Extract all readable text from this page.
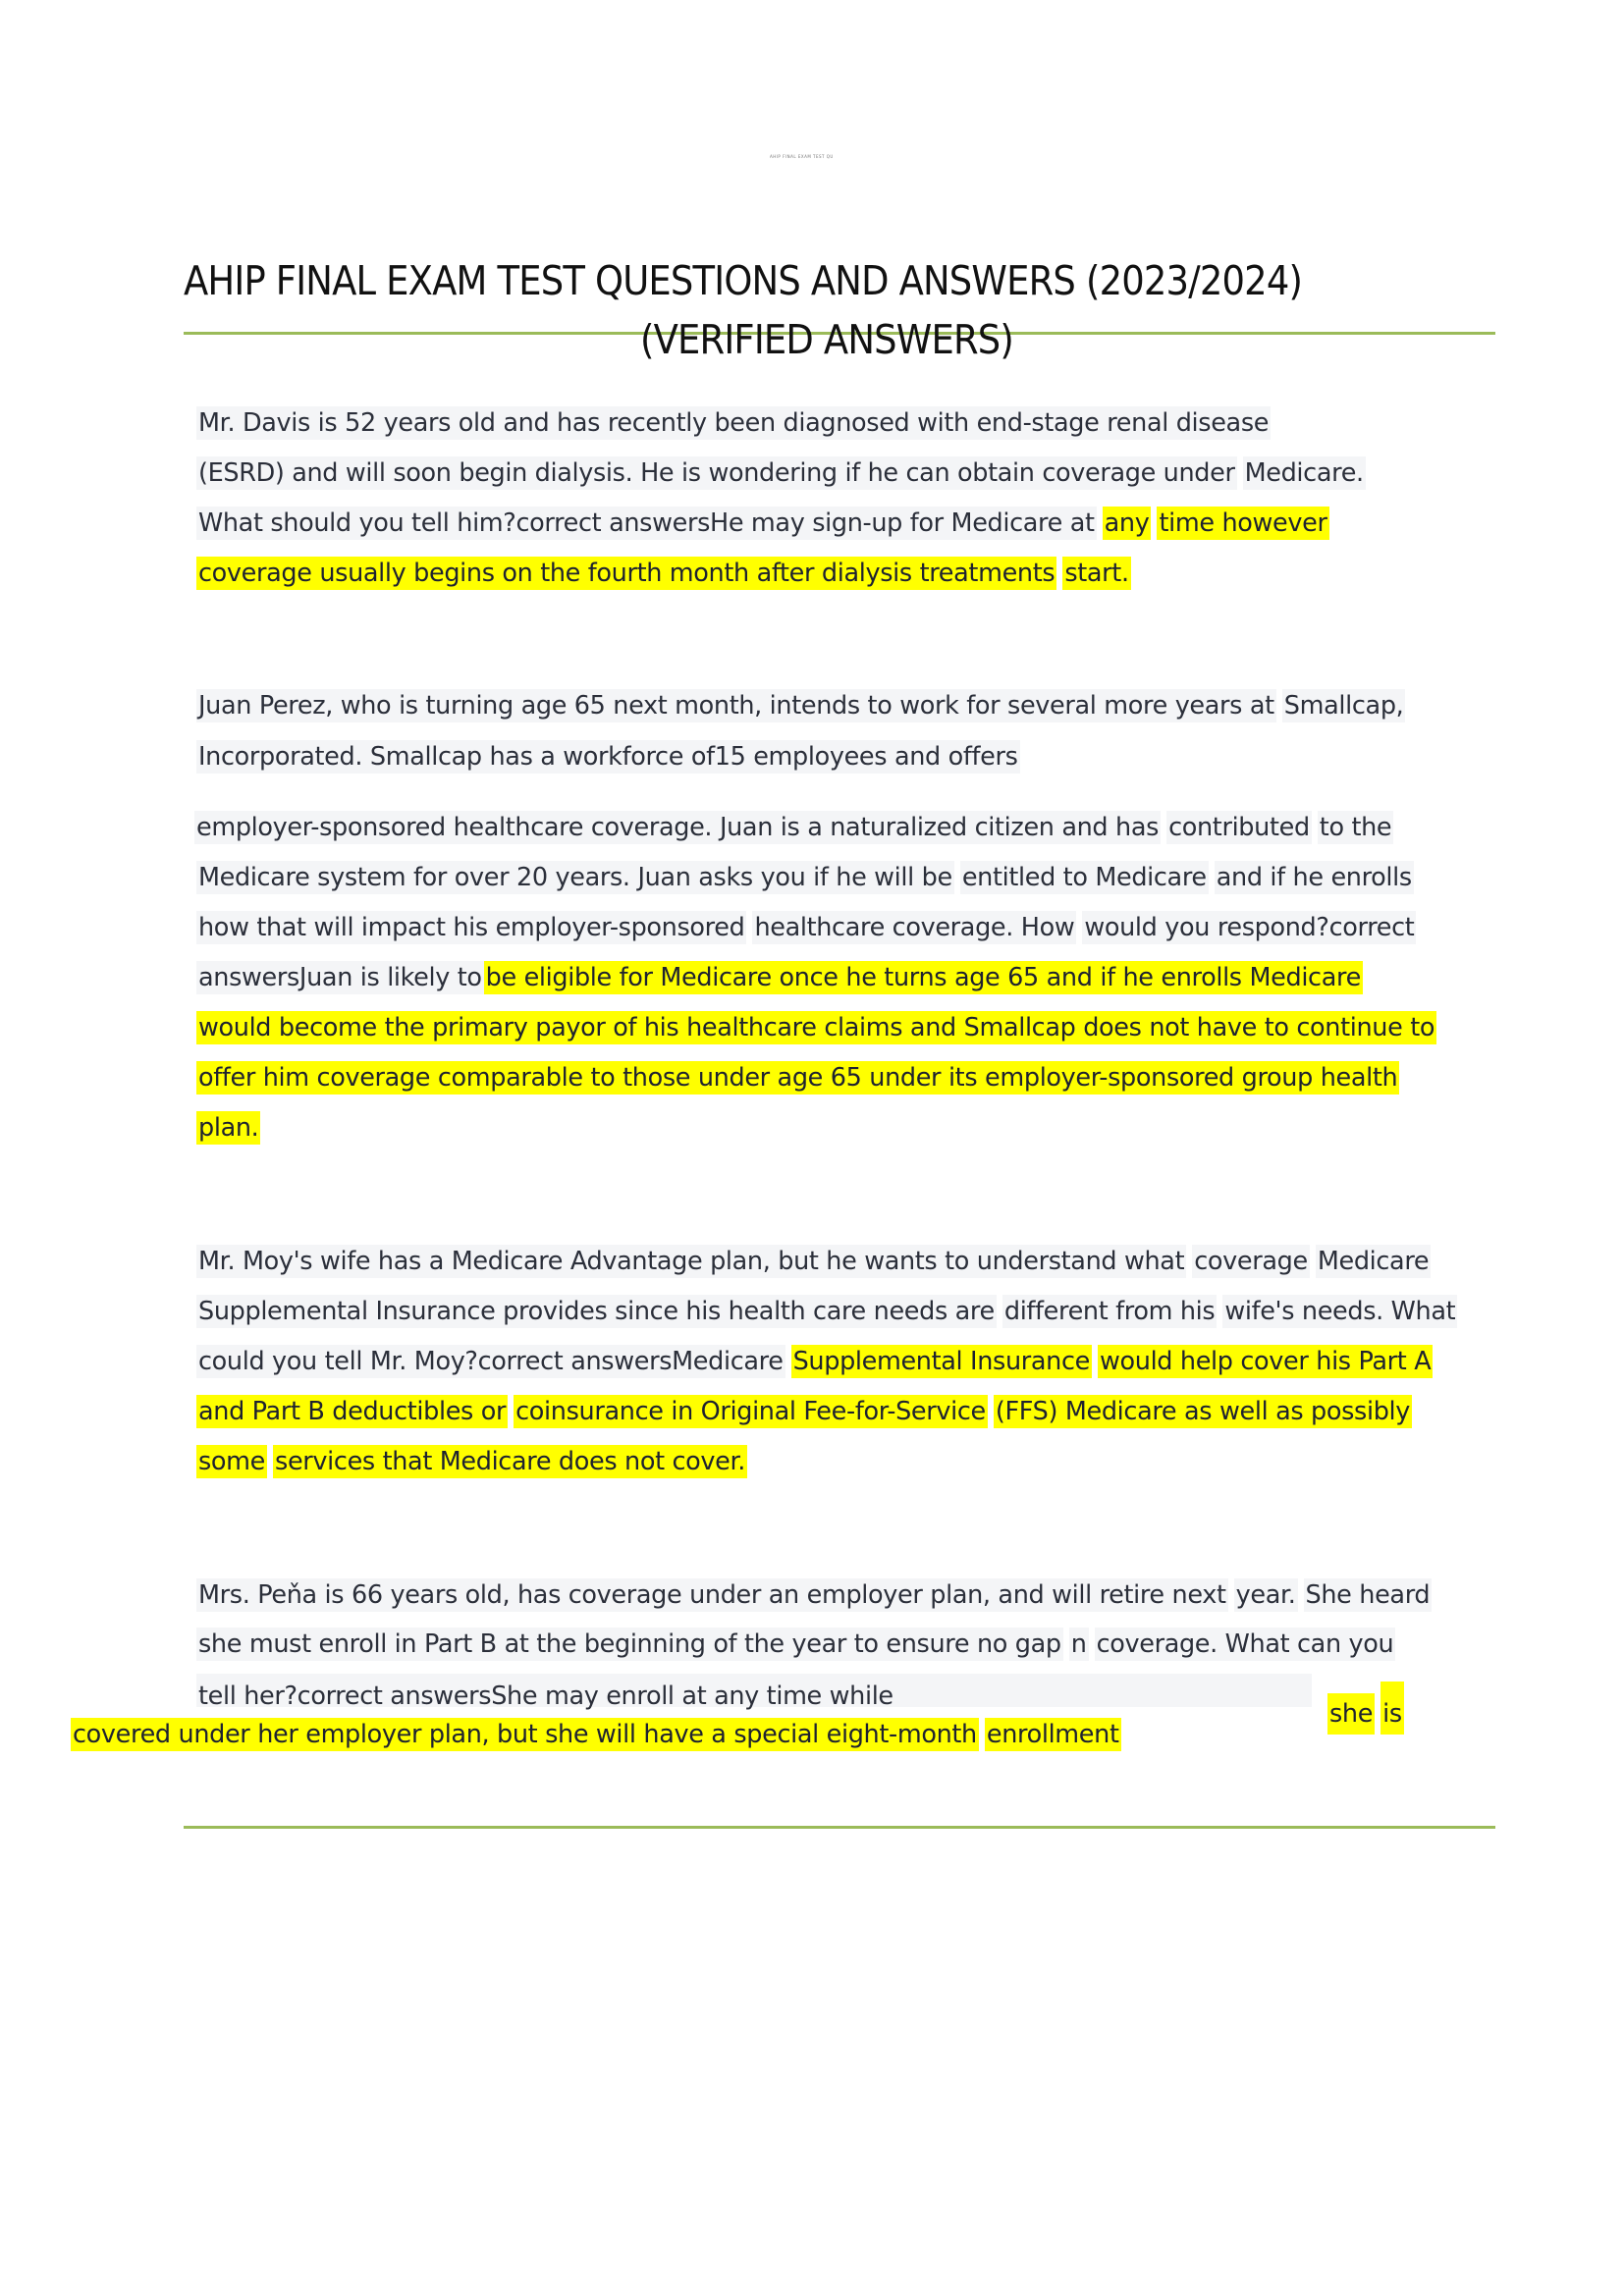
AHIP FINAL EXAM TEST QU
AHIP FINAL EXAM TEST QUESTIONS AND ANSWERS (2023/2024)
(VERIFIED ANSWERS)
Mr. Davis is 52 years old and has recently been diagnosed with end-stage renal disease
(ESRD) and will soon begin dialysis. He is wondering if he can obtain coverage under Medicare.
What should you tell him?correct answersHe may sign-up for Medicare at any time however
coverage usually begins on the fourth month after dialysis treatments start.
Juan Perez, who is turning age 65 next month, intends to work for several more years at Smallcap,
Incorporated. Smallcap has a workforce of15 employees and offers
employer-sponsored healthcare coverage. Juan is a naturalized citizen and has contributed to the
Medicare system for over 20 years. Juan asks you if he will be entitled to Medicare and if he enrolls
how that will impact his employer-sponsored healthcare coverage. How would you respond?correct
answersJuan is likely to be eligible for Medicare once he turns age 65 and if he enrolls Medicare
would become the primary payor of his healthcare claims and Smallcap does not have to continue to
offer him coverage comparable to those under age 65 under its employer-sponsored group health
plan.
Mr. Moy's wife has a Medicare Advantage plan, but he wants to understand what coverage Medicare
Supplemental Insurance provides since his health care needs are different from his wife's needs. What
could you tell Mr. Moy?correct answersMedicare Supplemental Insurance would help cover his Part A
and Part B deductibles or coinsurance in Original Fee-for-Service (FFS) Medicare as well as possibly
some services that Medicare does not cover.
Mrs. Peňa is 66 years old, has coverage under an employer plan, and will retire next year. She heard
she must enroll in Part B at the beginning of the year to ensure no gap n coverage. What can you
tell her?correct answersShe may enroll at any time while
she is
covered under her employer plan, but she will have a special eight-month enrollment
